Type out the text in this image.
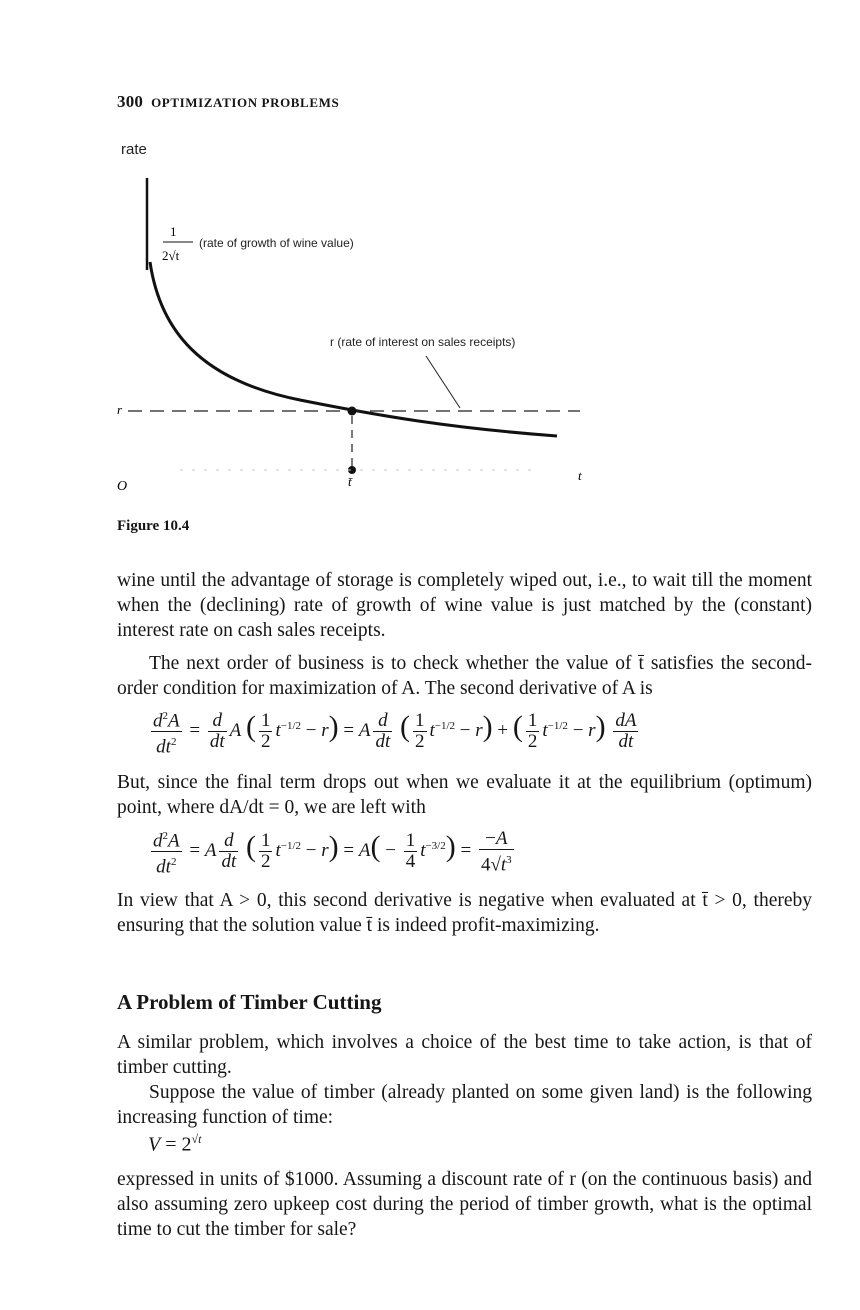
300 OPTIMIZATION PROBLEMS
rate
1
2√t
(rate of growth of wine value)
r
r (rate of interest on sales receipts)
O	t̄	t
Figure 10.4
wine until the advantage of storage is completely wiped out, i.e., to wait till the moment when the (declining) rate of growth of wine value is just matched by the (constant) interest rate on cash sales receipts.
The next order of business is to check whether the value of t̄ satisfies the second-order condition for maximization of A. The second derivative of A is
$\frac{d^2A}{dt^2} = \frac{d}{dt}$ A ( $\frac{1}{2} t^{-1/2} - r) = A \frac{d}{dt}$ ( $\frac{1}{2} t^{-1/2} - r$) + ( $\frac{1}{2} t^{-1/2} - r) \frac{dA}{dt}$
But, since the final term drops out when we evaluate it at the equilibrium (optimum) point, where dA/dt = 0, we are left with
$\frac{d^2A}{dt^2} = A \frac{d}{dt}$ ( $\frac{1}{2} t^{-1/2} - r) = A( - \frac{1}{4} t^{-3/2}) = \frac{-A}{4√t^3}$
In view that A > 0, this second derivative is negative when evaluated at t̄ > 0, thereby ensuring that the solution value t̄ is indeed profit-maximizing.
A Problem of Timber Cutting
A similar problem, which involves a choice of the best time to take action, is that of timber cutting.
Suppose the value of timber (already planted on some given land) is the following increasing function of time:
$V = 2^{√t}$
expressed in units of $1000. Assuming a discount rate of r (on the continuous basis) and also assuming zero upkeep cost during the period of timber growth, what is the optimal time to cut the timber for sale?
